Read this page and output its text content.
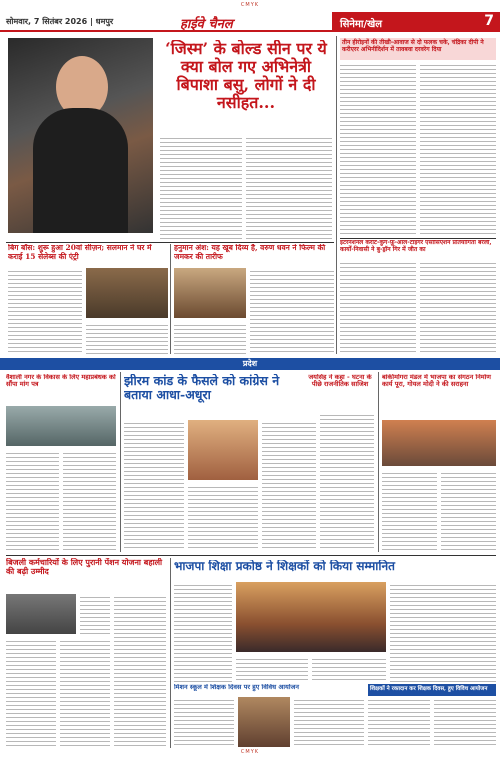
CMYK
सोमवार, 7 सितंबर 2026 | धमपुर	हाईवे चैनल	सिनेमा/खेल	7
‘जिस्म’ के बोल्ड सीन पर ये क्या बोल गए अभिनेत्री बिपाशा बसु, लोगों ने दी नसीहत...
तीन हीरोइनों की तीखी-आवाज से दो फलक चके, चंद्रिका दीपी ने करीएरर अभिनीदिर्शन में तावबवा दरवरेग दिया
इंटरनेशनल कराटे-कुंग-फ़ू-ऑल-टाइगर एसोसिएशन प्रतियोगिता बरेली, कार्यों-निवासी ने बु-ड्रॉन गिर में जीत का
बिग बॉस: शुरू हुआ 20वां सीज़न; सलमान ने घर में कराई 15 सेलेब्स की एंट्री
हनुमान अंश: यह खूब दिव्य है, वरुण धवन ने फिल्म की जमकर की तारीफ
प्रदेश
वैशाली नगर के विकास के लिए महाप्रबंधक को सौंपा मांग पत्र	झीरम कांड के फैसले को कांग्रेस ने बताया आधा-अधूरा
जयसिंह ने कहा - घटना के पीछे राजनीतिक साजिश
बांकीमोंगरा मंडल में भाजपा का संगठन निर्माण कार्य पूरा, गोयल मोदी ने की सराहना
बिजली कर्मचारियों के लिए पुरानी पेंशन योजना बहाली की बढ़ी उम्मीद	भाजपा शिक्षा प्रकोष्ठ ने शिक्षकों को किया सम्मानित
मिशन स्कूल में शिक्षक दिवस पर हुए विविध आयोजन	शिक्षकों ने रक्तदान कर शिक्षक दिवस, हुए विविध आयोजन
CMYK
